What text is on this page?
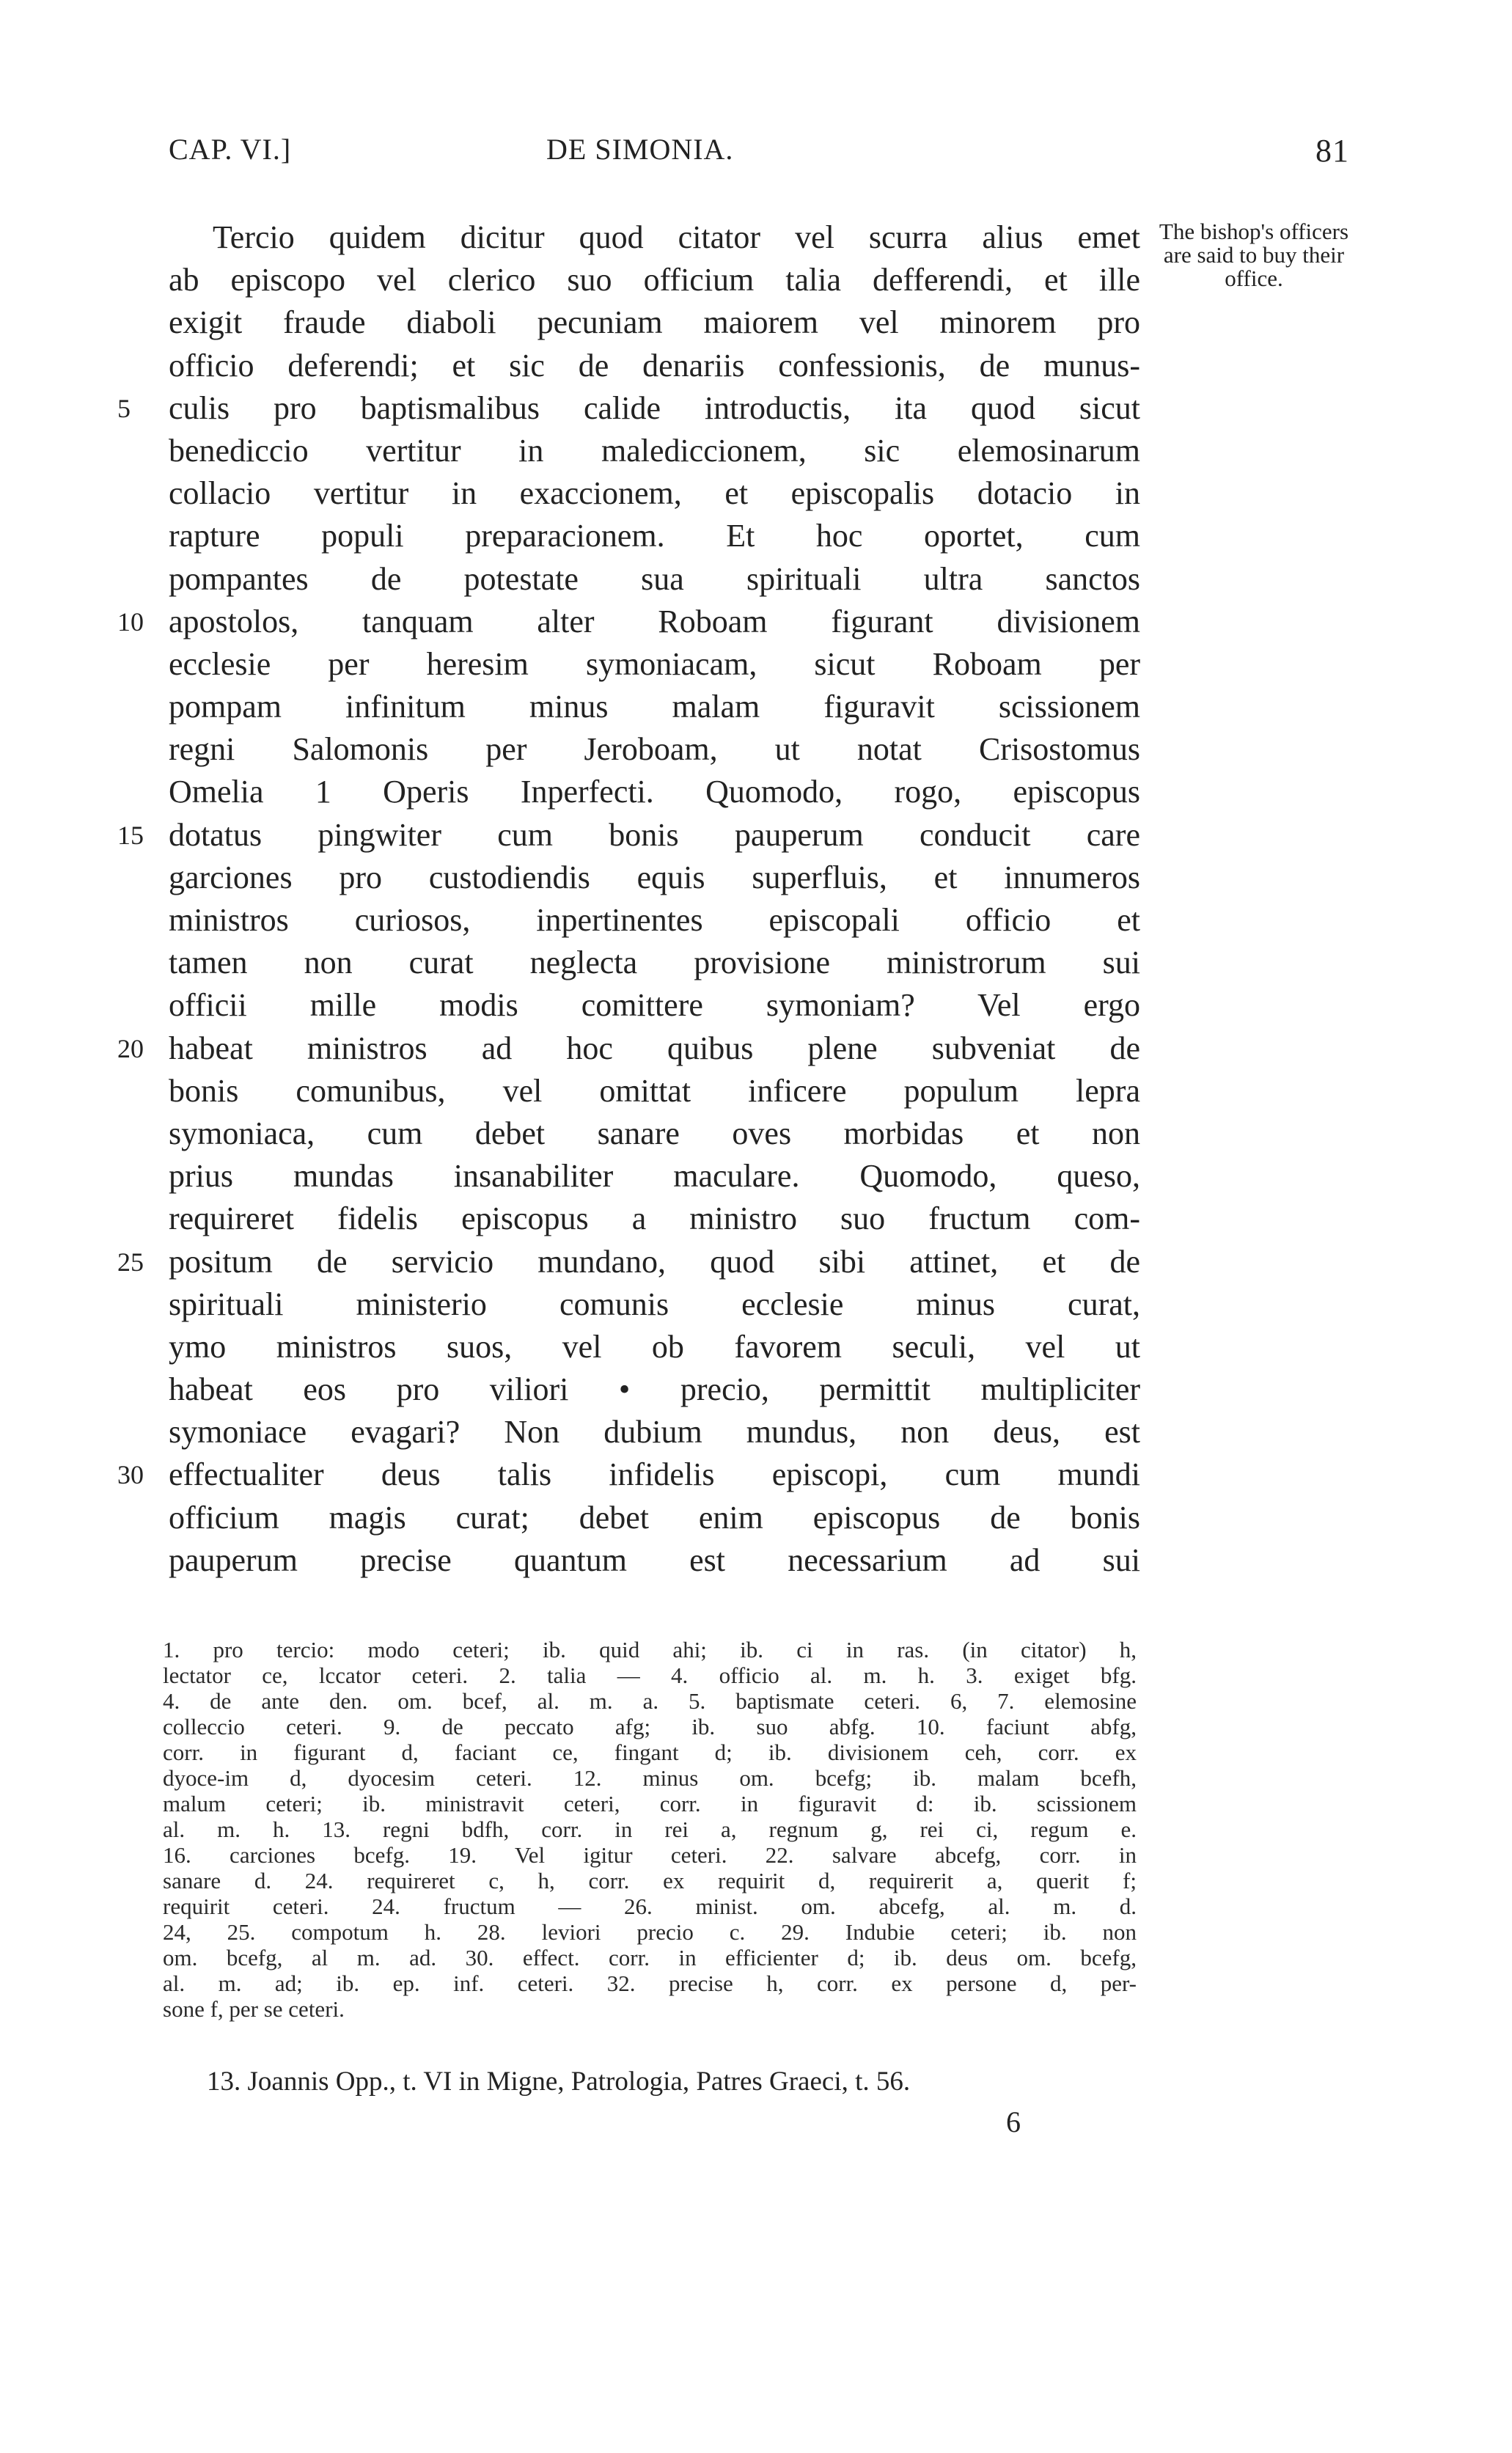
CAP. VI.]	DE SIMONIA.	81
The bishop's officers are said to buy their office.
Tercio quidem dicitur quod citator vel scurra alius emet
ab episcopo vel clerico suo officium talia defferendi, et ille
exigit fraude diaboli pecuniam maiorem vel minorem pro
officio deferendi; et sic de denariis confessionis, de munus-
5	culis pro baptismalibus calide introductis, ita quod sicut
benediccio vertitur in malediccionem, sic elemosinarum
collacio vertitur in exaccionem, et episcopalis dotacio in
rapture populi preparacionem. Et hoc oportet, cum
pompantes de potestate sua spirituali ultra sanctos
10 apostolos, tanquam alter Roboam figurant divisionem
ecclesie per heresim symoniacam, sicut Roboam per
pompam infinitum minus malam figuravit scissionem
regni Salomonis per Jeroboam, ut notat Crisostomus
Omelia 1 Operis Inperfecti. Quomodo, rogo, episcopus
15 dotatus pingwiter cum bonis pauperum conducit care
garciones pro custodiendis equis superfluis, et innumeros
ministros curiosos, inpertinentes episcopali officio et
tamen non curat neglecta provisione ministrorum sui
officii mille modis comittere symoniam? Vel ergo
20 habeat ministros ad hoc quibus plene subveniat de
bonis comunibus, vel omittat inficere populum lepra
symoniaca, cum debet sanare oves morbidas et non
prius mundas insanabiliter maculare. Quomodo, queso,
requireret fidelis episcopus a ministro suo fructum com-
25 positum de servicio mundano, quod sibi attinet, et de
spirituali ministerio comunis ecclesie minus curat,
ymo ministros suos, vel ob favorem seculi, vel ut
habeat eos pro viliori • precio, permittit multipliciter
symoniace evagari? Non dubium mundus, non deus, est
30 effectualiter deus talis infidelis episcopi, cum mundi
officium magis curat; debet enim episcopus de bonis
pauperum precise quantum est necessarium ad sui
1. pro tercio: modo ceteri; ib. quid ahi; ib. ci in ras. (in citator) h,
lectator ce, lccator ceteri. 2. talia — 4. officio al. m. h. 3. exiget bfg.
4. de ante den. om. bcef, al. m. a. 5. baptismate ceteri. 6, 7. elemosine
colleccio ceteri. 9. de peccato afg; ib. suo abfg. 10. faciunt abfg,
corr. in figurant d, faciant ce, fingant d; ib. divisionem ceh, corr. ex
dyoce-im d, dyocesim ceteri. 12. minus om. bcefg; ib. malam bcefh,
malum ceteri; ib. ministravit ceteri, corr. in figuravit d: ib. scissionem
al. m. h. 13. regni bdfh, corr. in rei a, regnum g, rei ci, regum e.
16. carciones bcefg. 19. Vel igitur ceteri. 22. salvare abcefg, corr. in
sanare d. 24. requireret c, h, corr. ex requirit d, requirerit a, querit f;
requirit ceteri. 24. fructum — 26. minist. om. abcefg, al. m. d.
24, 25. compotum h. 28. leviori precio c. 29. Indubie ceteri; ib. non
om. bcefg, al m. ad. 30. effect. corr. in efficienter d; ib. deus om. bcefg,
al. m. ad; ib. ep. inf. ceteri. 32. precise h, corr. ex persone d, per-
sone f, per se ceteri.
13. Joannis Opp., t. VI in Migne, Patrologia, Patres Graeci, t. 56.
6
